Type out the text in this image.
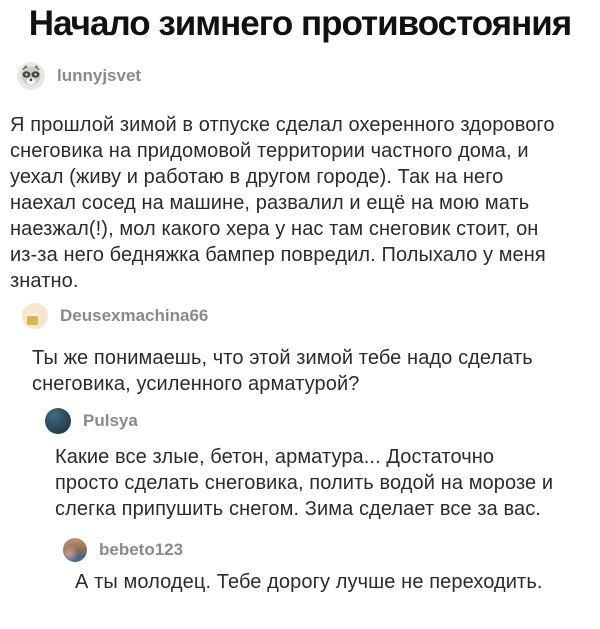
Начало зимнего противостояния
lunnyjsvet
Я прошлой зимой в отпуске сделал охеренного здорового
снеговика на придомовой территории частного дома, и
уехал (живу и работаю в другом городе). Так на него
наехал сосед на машине, развалил и ещё на мою мать
наезжал(!), мол какого хера у нас там снеговик стоит, он
из-за него бедняжка бампер повредил. Полыхало у меня
знатно.
Deusexmachina66
Ты же понимаешь, что этой зимой тебе надо сделать
снеговика, усиленного арматурой?
Pulsya
Какие все злые, бетон, арматура... Достаточно
просто сделать снеговика, полить водой на морозе и
слегка припушить снегом. Зима сделает все за вас.
bebeto123
А ты молодец. Тебе дорогу лучше не переходить.
